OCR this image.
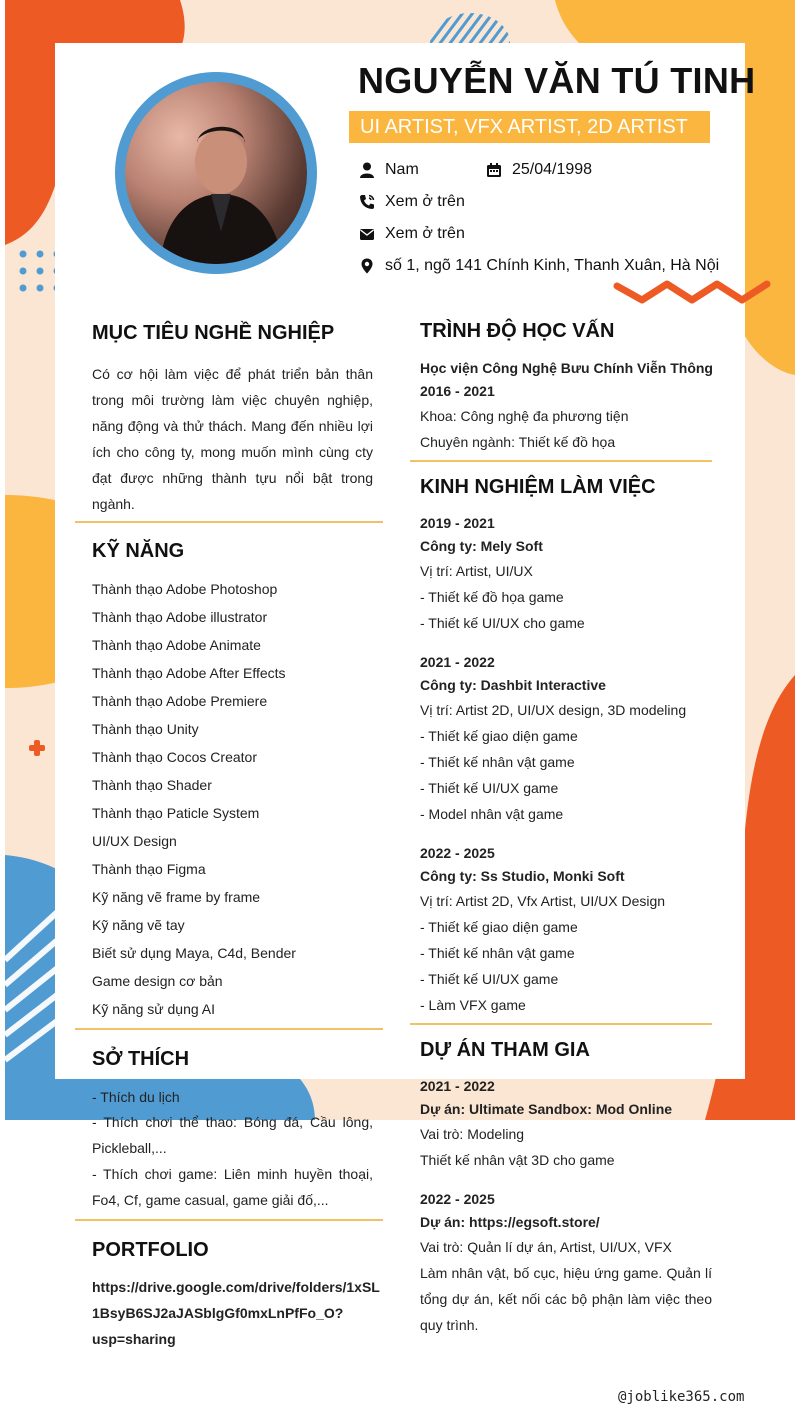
NGUYỄN VĂN TÚ TINH
UI ARTIST, VFX ARTIST, 2D ARTIST
Nam	25/04/1998
Xem ở trên
Xem ở trên
số 1, ngõ 141 Chính Kinh, Thanh Xuân, Hà Nội
MỤC TIÊU NGHỀ NGHIỆP
Có cơ hội làm việc để phát triển bản thân trong môi trường làm việc chuyên nghiệp, năng động và thử thách. Mang đến nhiều lợi ích cho công ty, mong muốn mình cùng cty đạt được những thành tựu nổi bật trong ngành.
KỸ NĂNG
Thành thạo Adobe Photoshop
Thành thạo Adobe illustrator
Thành thạo Adobe Animate
Thành thạo Adobe After Effects
Thành thạo Adobe Premiere
Thành thạo Unity
Thành thạo Cocos Creator
Thành thạo Shader
Thành thạo Paticle System
UI/UX Design
Thành thạo Figma
Kỹ năng vẽ frame by frame
Kỹ năng vẽ tay
Biết sử dụng Maya, C4d, Bender
Game design cơ bản
Kỹ năng sử dụng AI
SỞ THÍCH
- Thích du lịch
- Thích chơi thể thao: Bóng đá, Cầu lông, Pickleball,...
- Thích chơi game: Liên minh huyền thoại, Fo4, Cf, game casual, game giải đố,...
PORTFOLIO
https://drive.google.com/drive/folders/1xSL
1BsyB6SJ2aJASblgGf0mxLnPfFo_O?
usp=sharing
TRÌNH ĐỘ HỌC VẤN
Học viện Công Nghệ Bưu Chính Viễn Thông
2016 - 2021
Khoa: Công nghệ đa phương tiện
Chuyên ngành: Thiết kế đồ họa
KINH NGHIỆM LÀM VIỆC
2019 - 2021
Công ty: Mely Soft
Vị trí: Artist, UI/UX
- Thiết kế đồ họa game
- Thiết kế UI/UX cho game
2021 - 2022
Công ty: Dashbit Interactive
Vị trí: Artist 2D, UI/UX design, 3D modeling
- Thiết kế giao diện game
- Thiết kế nhân vật game
- Thiết kế UI/UX game
- Model nhân vật game
2022 - 2025
Công ty: Ss Studio, Monki Soft
Vị trí: Artist 2D, Vfx Artist, UI/UX Design
- Thiết kế giao diện game
- Thiết kế nhân vật game
- Thiết kế UI/UX game
- Làm VFX game
DỰ ÁN THAM GIA
2021 - 2022
Dự án: Ultimate Sandbox: Mod Online
Vai trò: Modeling
Thiết kế nhân vật 3D cho game
2022 - 2025
Dự án: https://egsoft.store/
Vai trò: Quản lí dự án, Artist, UI/UX, VFX
Làm nhân vật, bố cục, hiệu ứng game. Quản lí tổng dự án, kết nối các bộ phận làm việc theo quy trình.
@joblike365.com
